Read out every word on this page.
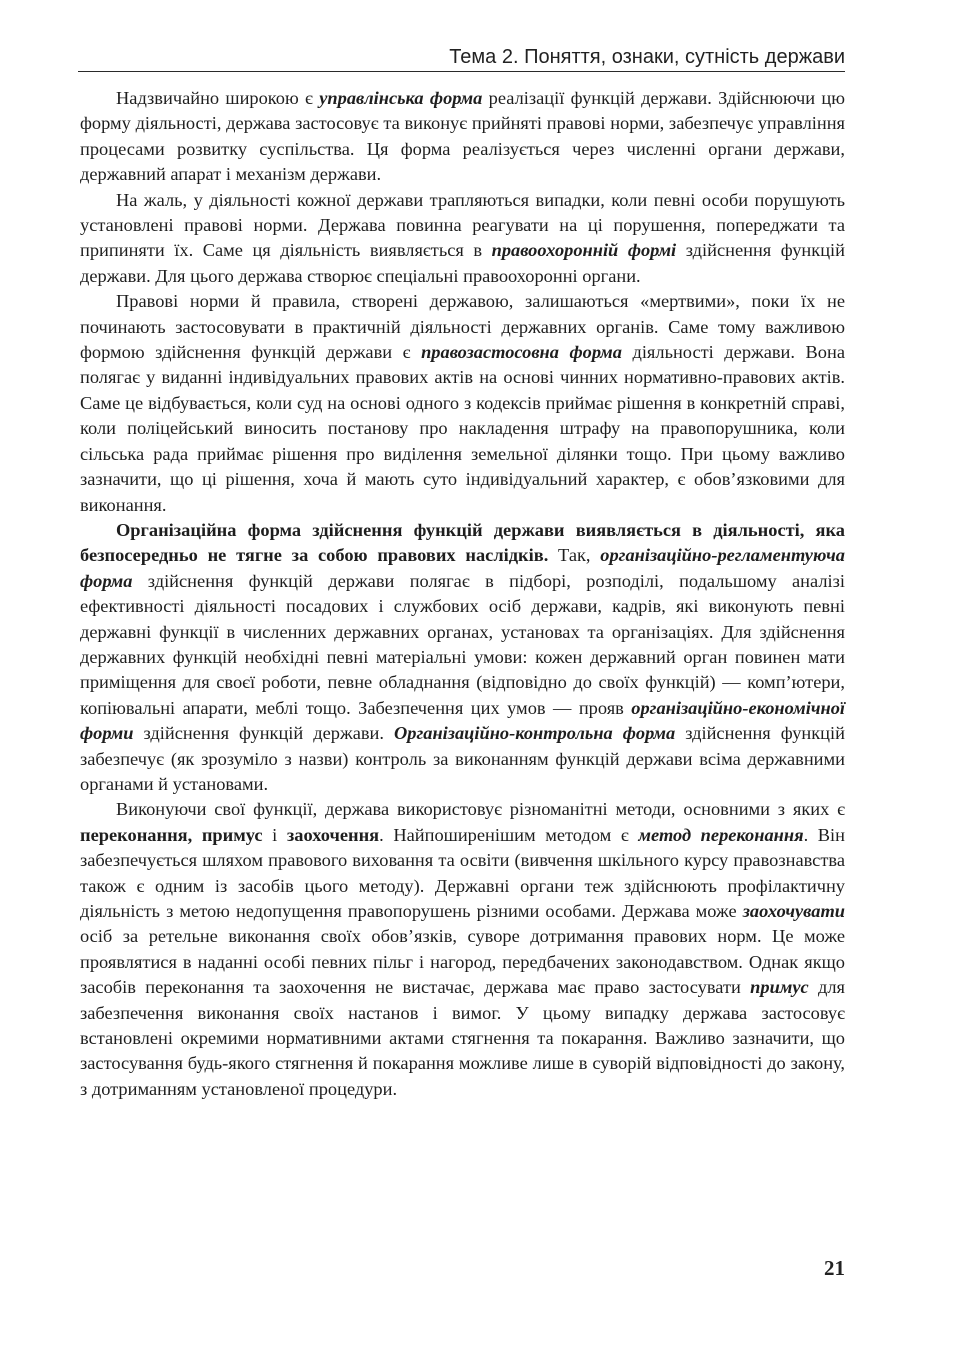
Тема 2. Поняття, ознаки, сутність держави

Надзвичайно широкою є управлінська форма реалізації функцій держави. Здійснюючи цю форму діяльності, держава застосовує та виконує прийняті правові норми, забезпечує управління процесами розвитку суспільства. Ця форма реалізується через численні органи держави, державний апарат і механізм держави.

На жаль, у діяльності кожної держави трапляються випадки, коли певні особи порушують установлені правові норми. Держава повинна реагувати на ці порушення, попереджати та припиняти їх. Саме ця діяльність виявляється в правоохоронній формі здійснення функцій держави. Для цього держава створює спеціальні правоохоронні органи.

Правові норми й правила, створені державою, залишаються «мертвими», поки їх не починають застосовувати в практичній діяльності державних органів. Саме тому важливою формою здійснення функцій держави є правозастосовна форма діяльності держави. Вона полягає у виданні індивідуальних правових актів на основі чинних нормативно-правових актів. Саме це відбувається, коли суд на основі одного з кодексів приймає рішення в конкретній справі, коли поліцейський виносить постанову про накладення штрафу на правопорушника, коли сільська рада приймає рішення про виділення земельної ділянки тощо. При цьому важливо зазначити, що ці рішення, хоча й мають суто індивідуальний характер, є обов’язковими для виконання.

Організаційна форма здійснення функцій держави виявляється в діяльності, яка безпосередньо не тягне за собою правових наслідків. Так, організаційно-регламентуюча форма здійснення функцій держави полягає в підборі, розподілі, подальшому аналізі ефективності діяльності посадових і службових осіб держави, кадрів, які виконують певні державні функції в численних державних органах, установах та організаціях. Для здійснення державних функцій необхідні певні матеріальні умови: кожен державний орган повинен мати приміщення для своєї роботи, певне обладнання (відповідно до своїх функцій) — комп’ютери, копіювальні апарати, меблі тощо. Забезпечення цих умов — прояв організаційно-економічної форми здійснення функцій держави. Організаційно-контрольна форма здійснення функцій забезпечує (як зрозуміло з назви) контроль за виконанням функцій держави всіма державними органами й установами.

Виконуючи свої функції, держава використовує різноманітні методи, основними з яких є переконання, примус і заохочення. Найпоширенішим методом є метод переконання. Він забезпечується шляхом правового виховання та освіти (вивчення шкільного курсу правознавства також є одним із засобів цього методу). Державні органи теж здійснюють профілактичну діяльність з метою недопущення правопорушень різними особами. Держава може заохочувати осіб за ретельне виконання своїх обов’язків, суворе дотримання правових норм. Це може проявлятися в наданні особі певних пільг і нагород, передбачених законодавством. Однак якщо засобів переконання та заохочення не вистачає, держава має право застосувати примус для забезпечення виконання своїх настанов і вимог. У цьому випадку держава застосовує встановлені окремими нормативними актами стягнення та покарання. Важливо зазначити, що застосування будь-якого стягнення й покарання можливе лише в суворій відповідності до закону, з дотриманням установленої процедури.

21
